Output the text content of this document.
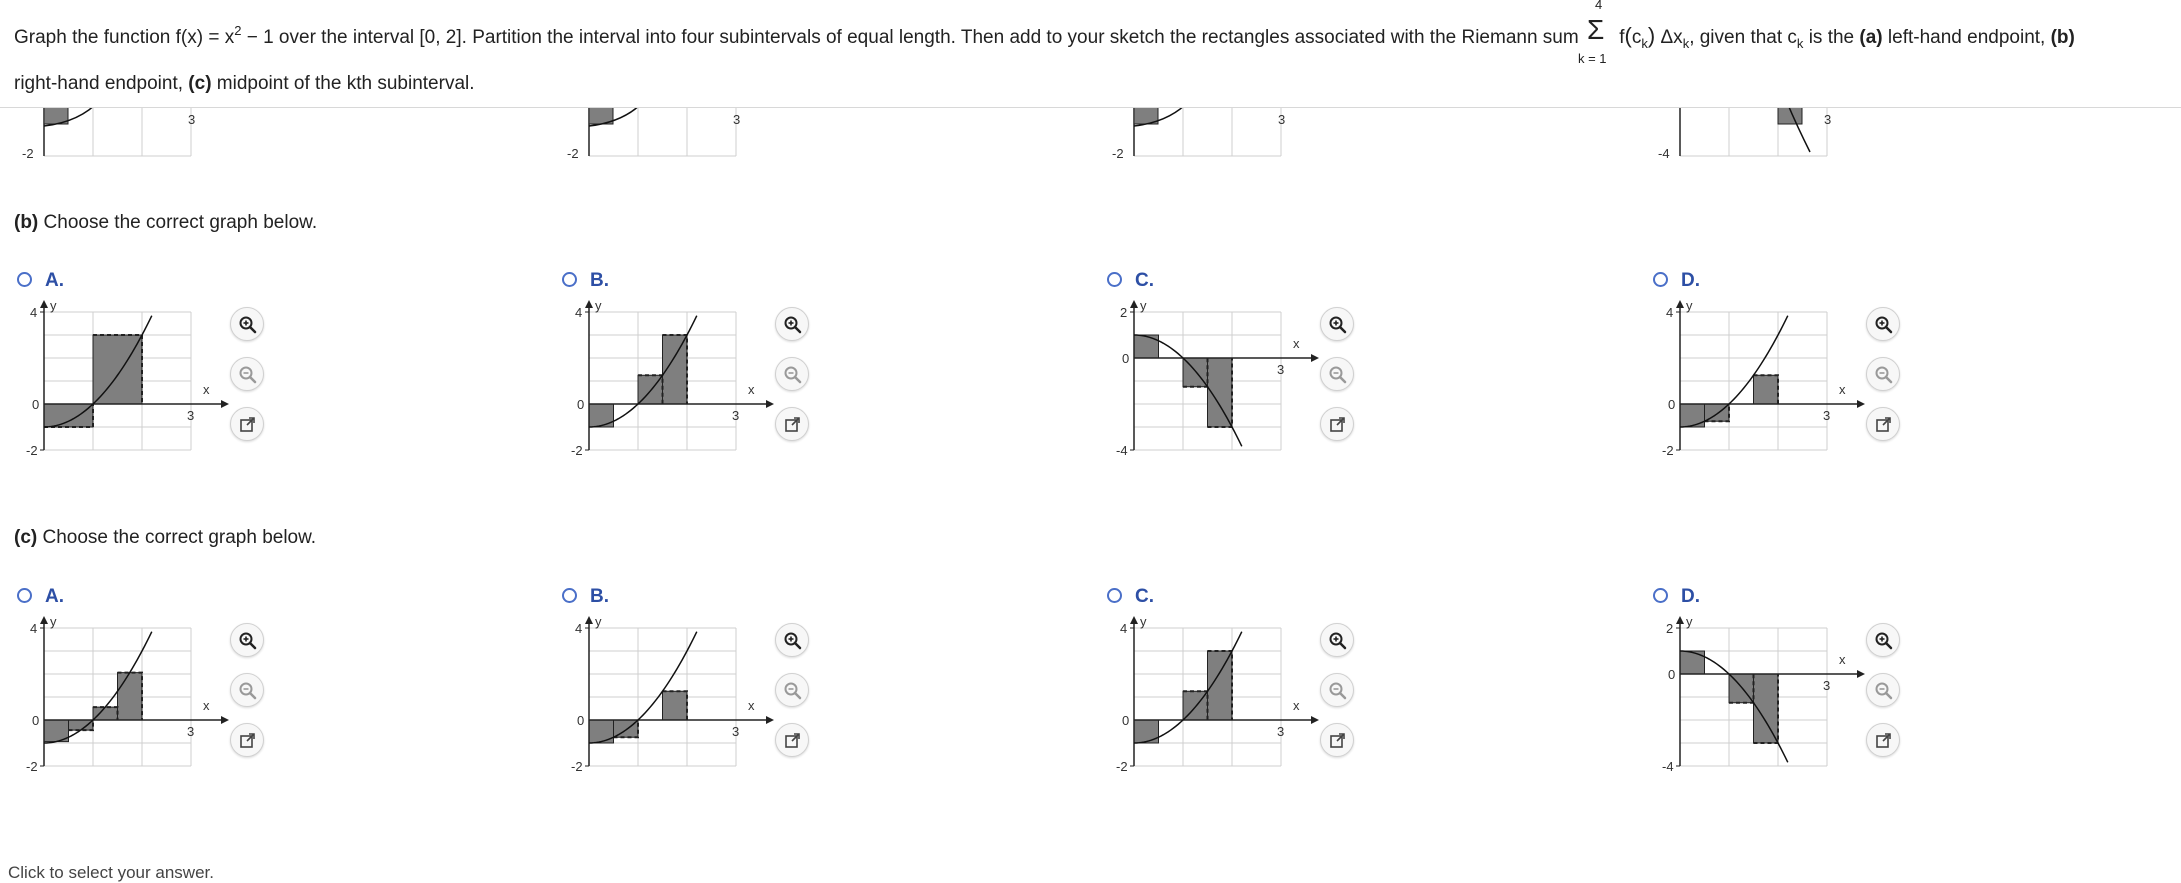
Graph the function $f(x) = x^2 - 1$ over the interval [0, 2]. Partition the interval into four subintervals of equal length. Then add to your sketch the rectangles associated with the Riemann sum
4
Σ
k = 1
$f(c_k)$ $\Delta x_k$, given that $c_k$ is the (a) left-hand endpoint, (b)
right-hand endpoint, (c) midpoint of the kth subinterval.
-2
3
-2
3
-2
3
-4
3
(b) Choose the correct graph below.
A.
y
x
3
4
0
-2
B.
y
x
3
4
0
-2
C.
y
x
3
2
0
-4
D.
y
x
3
4
0
-2
(c) Choose the correct graph below.
A.
y
x
3
4
0
-2
B.
y
x
3
4
0
-2
C.
y
x
3
4
0
-2
D.
y
x
3
2
0
-4
Click to select your answer.
